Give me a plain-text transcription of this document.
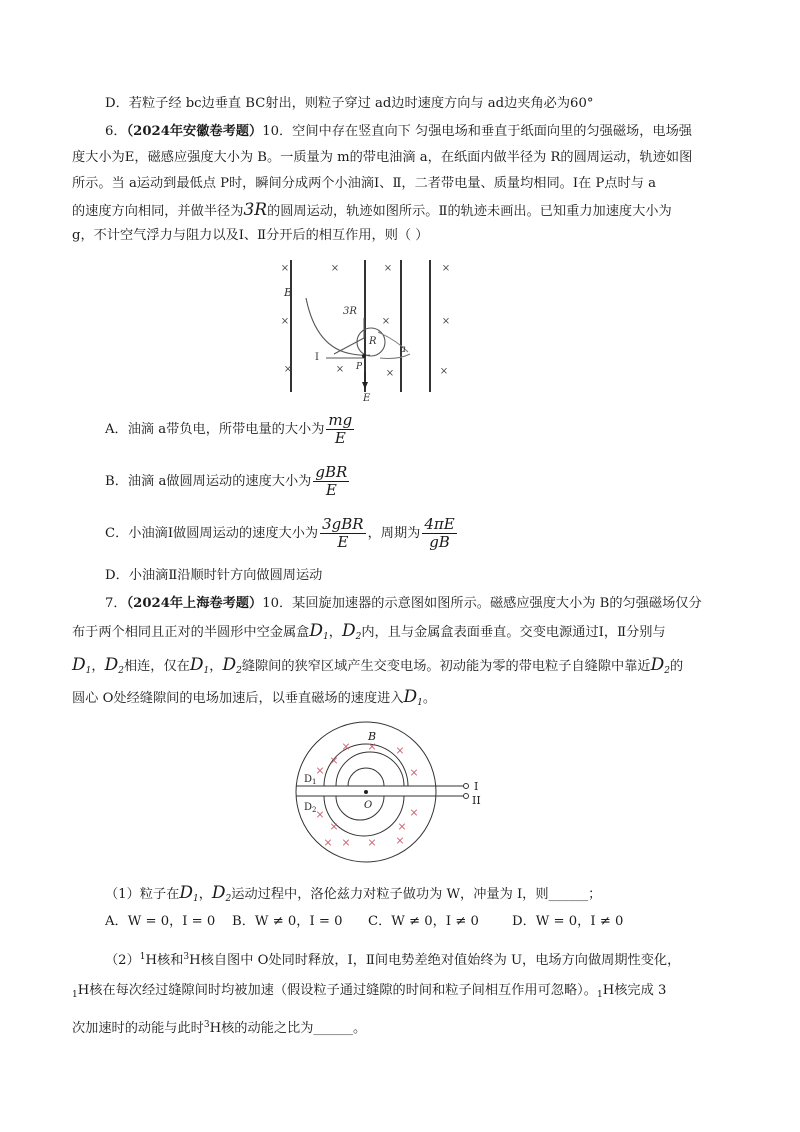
D．若粒子经 bc边垂直 BC射出，则粒子穿过 ad边时速度方向与 ad边夹角必为60°
6．（2024年安徽卷考题）10．空间中存在竖直向下 匀强电场和垂直于纸面向里的匀强磁场，电场强
度大小为E，磁感应强度大小为 B。一质量为 m的带电油滴 a，在纸面内做半径为 R的圆周运动，轨迹如图
所示。当 a运动到最低点 P时，瞬间分成两个小油滴Ⅰ、Ⅱ，二者带电量、质量均相同。Ⅰ在 P点时与 a
的速度方向相同，并做半径为3R的圆周运动，轨迹如图所示。Ⅱ的轨迹未画出。已知重力加速度大小为
g，不计空气浮力与阻力以及Ⅰ、Ⅱ分开后的相互作用，则（ ）
×	×	×	×
×	×	×
×	×	×	×
B
3R
R
Ⅰ
P
a
E
A．油滴 a带负电，所带电量的大小为 $\frac{mg}{E}$
B．油滴 a做圆周运动的速度大小为 $\frac{\text{gBR}}{E}$
C．小油滴Ⅰ做圆周运动的速度大小为 $\frac{\text{3gBR}}{E}$ ，周期为 $\frac{4\pi E}{gB}$
D．小油滴Ⅱ沿顺时针方向做圆周运动
7．（2024年上海卷考题）10．某回旋加速器的示意图如图所示。磁感应强度大小为 B的匀强磁场仅分
布于两个相同且正对的半圆形中空金属盒$D_1$，$D_2$内，且与金属盒表面垂直。交变电源通过Ⅰ，Ⅱ分别与
$D_1$，$D_2$相连，仅在$D_1$，$D_2$缝隙间的狭窄区域产生交变电场。初动能为零的带电粒子自缝隙中靠近$D_2$的
圆心 O处经缝隙间的电场加速后，以垂直磁场的速度进入$D_1$。
× × ×
×	×
×
×	×
×	×
× × ×
×
B
$D_1$
$D_2$	O
I
II
（1）粒子在$D_1$，$D_2$运动过程中，洛伦兹力对粒子做功为 W，冲量为 I，则______；
A．W = 0，I = 0 B．W ≠ 0，I = 0 C．W ≠ 0，I ≠ 0	D．W = 0，I ≠ 0
$(2)^1H$核和$^3$H核自图中 O处同时释放，Ⅰ，Ⅱ间电势差绝对值始终为 U，电场方向做周期性变化，
$_1$H核在每次经过缝隙间时均被加速（假设粒子通过缝隙的时间和粒子间相互作用可忽略）。$_1$H核完成 3
次加速时的动能与此时$^3$H核的动能之比为______。
